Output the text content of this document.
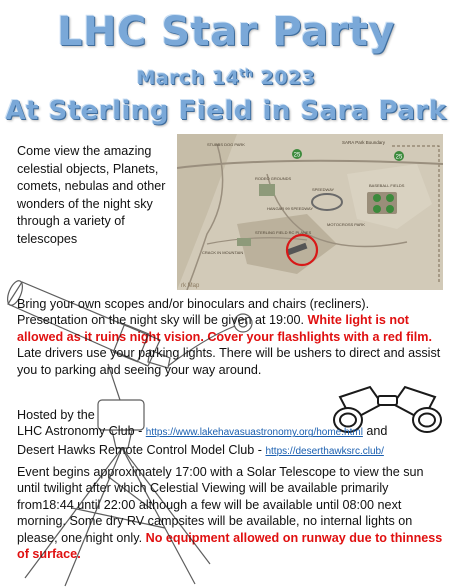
LHC Star Party
March 14th 2023
At Sterling Field in Sara Park
Come view the amazing celestial objects, Planets, comets, nebulas and other wonders of the night sky through a variety of telescopes
25	25
SARA Park Boundary
STUBBS DOG PARK
RODEO GROUNDS
SPEEDWAY
BASEBALL FIELDS
HANGAR 99 SPEEDWAY
MOTOCROSS PARK
STERLING FIELD RC PLANES
CRACK IN MOUNTAIN
rk Map
Bring your own scopes and/or binoculars and chairs (recliners). Presentation on the night sky will be given at 19:00. White light is not allowed as it ruins night vision. Cover your flashlights with a red film. Late drivers use your parking lights. There will be ushers to direct and assist you to parking and seeing your way around.
Hosted by the
LHC Astronomy Club - https://www.lakehavasuastronomy.org/home.html and
Desert Hawks Remote Control Model Club - https://deserthawksrc.club/
Event begins approximately 17:00 with a Solar Telescope to view the sun until twilight after which Celestial Viewing will be available primarily from18:44 until 22:00 although a few will be available until 08:00 next morning. Some dry RV campsites will be available, no internal lights on please, one night only. No equipment allowed on runway due to thinness of surface.
